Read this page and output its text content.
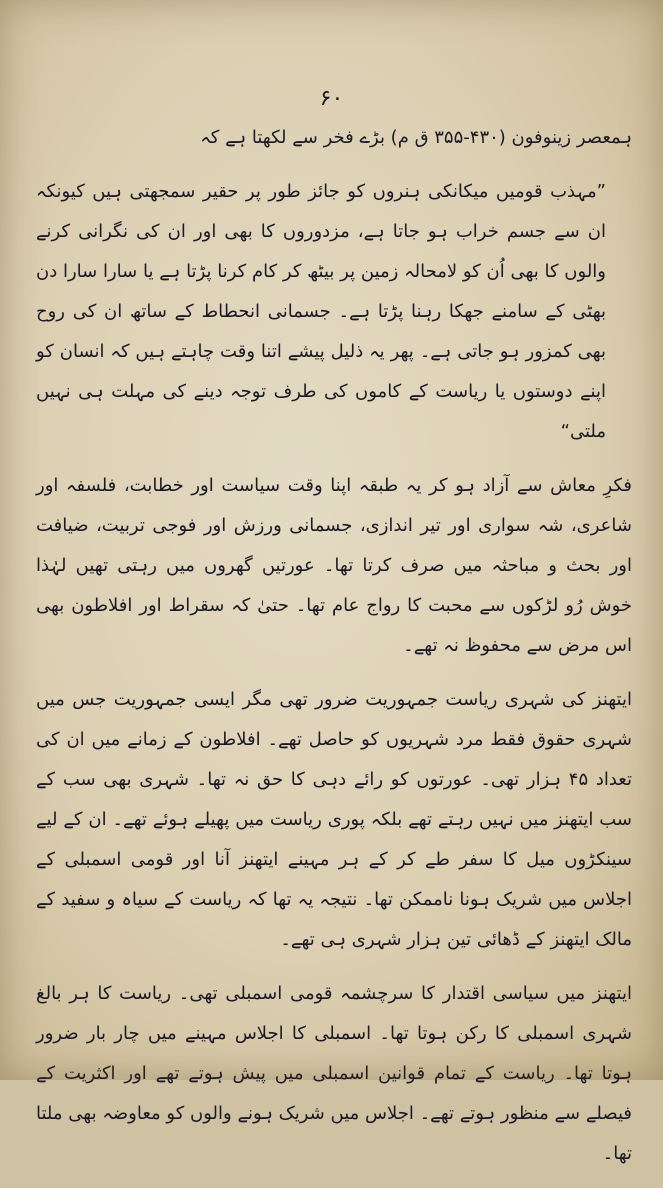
۶۰

ہمعصر زینوفون (۴۳۰-۳۵۵ ق م) بڑے فخر سے لکھتا ہے کہ

”مہذب قومیں میکانکی ہنروں کو جائز طور پر حقیر سمجھتی ہیں کیونکہ ان سے جسم خراب ہو جاتا ہے، مزدوروں کا بھی اور ان کی نگرانی کرنے والوں کا بھی اُن کو لامحالہ زمین پر بیٹھ کر کام کرنا پڑتا ہے یا سارا سارا دن بھٹی کے سامنے جھکا رہنا پڑتا ہے۔ جسمانی انحطاط کے ساتھ ان کی روح بھی کمزور ہو جاتی ہے۔ پھر یہ ذلیل پیشے اتنا وقت چاہتے ہیں کہ انسان کو اپنے دوستوں یا ریاست کے کاموں کی طرف توجہ دینے کی مہلت ہی نہیں ملتی“

فکرِ معاش سے آزاد ہو کر یہ طبقہ اپنا وقت سیاست اور خطابت، فلسفہ اور شاعری، شہ سواری اور تیر اندازی، جسمانی ورزش اور فوجی تربیت، ضیافت اور بحث و مباحثہ میں صرف کرتا تھا۔ عورتیں گھروں میں رہتی تھیں لہٰذا خوش رُو لڑکوں سے محبت کا رواج عام تھا۔ حتیٰ کہ سقراط اور افلاطون بھی اس مرض سے محفوظ نہ تھے۔

ایتھنز کی شہری ریاست جمہوریت ضرور تھی مگر ایسی جمہوریت جس میں شہری حقوق فقط مرد شہریوں کو حاصل تھے۔ افلاطون کے زمانے میں ان کی تعداد ۴۵ ہزار تھی۔ عورتوں کو رائے دہی کا حق نہ تھا۔ شہری بھی سب کے سب ایتھنز میں نہیں رہتے تھے بلکہ پوری ریاست میں پھیلے ہوئے تھے۔ ان کے لیے سینکڑوں میل کا سفر طے کر کے ہر مہینے ایتھنز آنا اور قومی اسمبلی کے اجلاس میں شریک ہونا ناممکن تھا۔ نتیجہ یہ تھا کہ ریاست کے سیاہ و سفید کے مالک ایتھنز کے ڈھائی تین ہزار شہری ہی تھے۔

ایتھنز میں سیاسی اقتدار کا سرچشمہ قومی اسمبلی تھی۔ ریاست کا ہر بالغ شہری اسمبلی کا رکن ہوتا تھا۔ اسمبلی کا اجلاس مہینے میں چار بار ضرور ہوتا تھا۔ ریاست کے تمام قوانین اسمبلی میں پیش ہوتے تھے اور اکثریت کے فیصلے سے منظور ہوتے تھے۔ اجلاس میں شریک ہونے والوں کو معاوضہ بھی ملتا تھا۔
